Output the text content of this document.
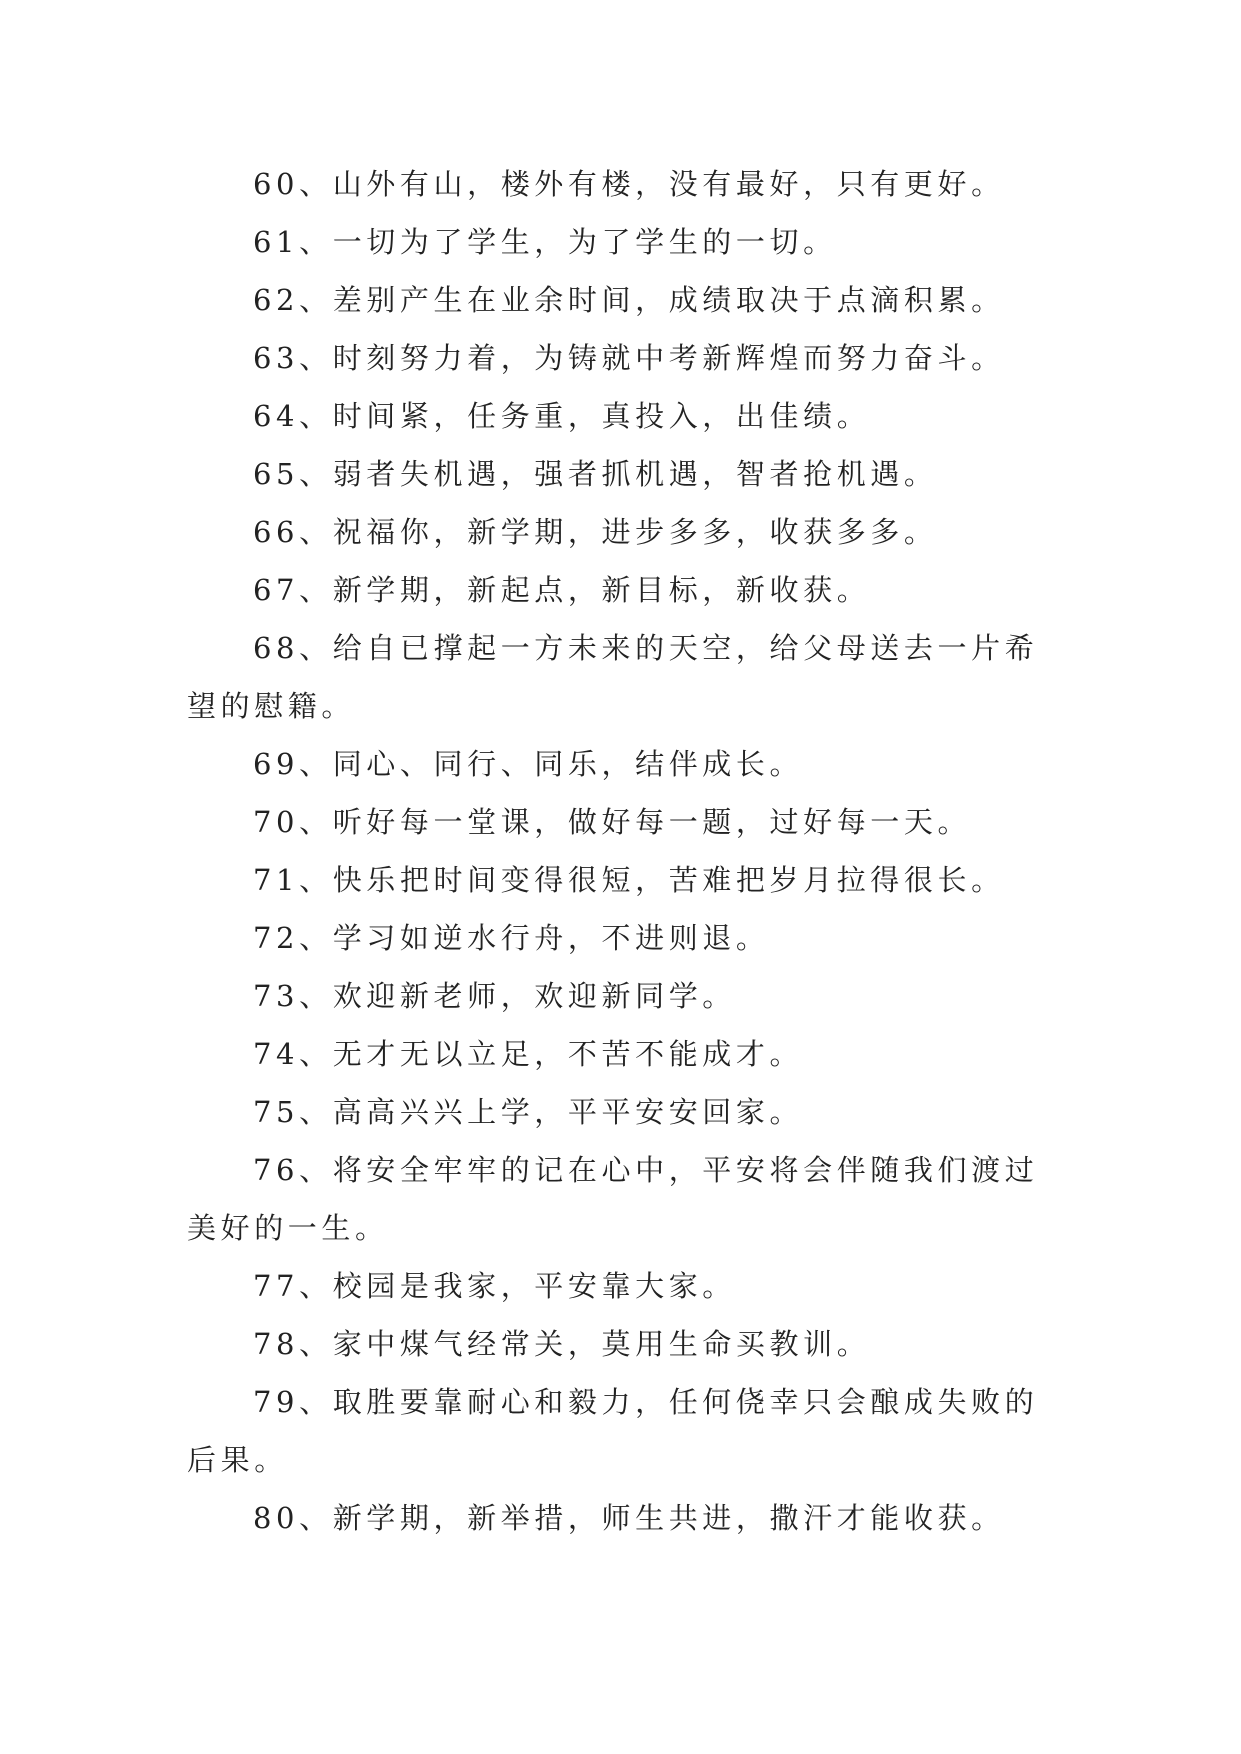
60、山外有山，楼外有楼，没有最好，只有更好。

61、一切为了学生，为了学生的一切。

62、差别产生在业余时间，成绩取决于点滴积累。

63、时刻努力着，为铸就中考新辉煌而努力奋斗。

64、时间紧，任务重，真投入，出佳绩。

65、弱者失机遇，强者抓机遇，智者抢机遇。

66、祝福你，新学期，进步多多，收获多多。

67、新学期，新起点，新目标，新收获。

68、给自已撑起一方未来的天空，给父母送去一片希望的慰籍。

69、同心、同行、同乐，结伴成长。

70、听好每一堂课，做好每一题，过好每一天。

71、快乐把时间变得很短，苦难把岁月拉得很长。

72、学习如逆水行舟，不进则退。

73、欢迎新老师，欢迎新同学。

74、无才无以立足，不苦不能成才。

75、高高兴兴上学，平平安安回家。

76、将安全牢牢的记在心中，平安将会伴随我们渡过美好的一生。

77、校园是我家，平安靠大家。

78、家中煤气经常关，莫用生命买教训。

79、取胜要靠耐心和毅力，任何侥幸只会酿成失败的后果。

80、新学期，新举措，师生共进，撒汗才能收获。
